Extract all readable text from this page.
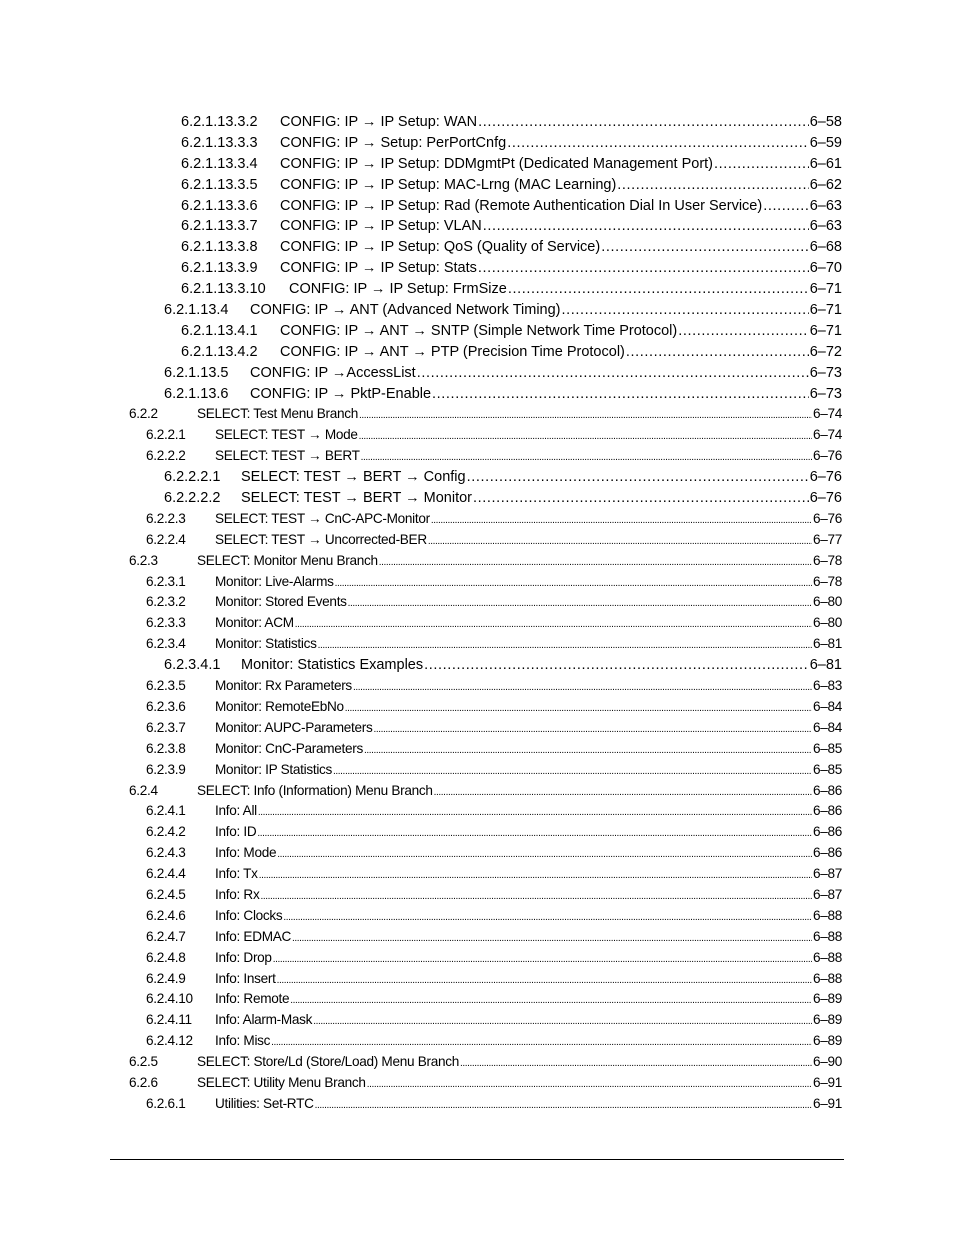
6.2.1.13.3.2 CONFIG: IP → IP Setup: WAN .....	6–58
6.2.1.13.3.3 CONFIG: IP → Setup: PerPortCnfg .....	6–59
6.2.1.13.3.4 CONFIG: IP → IP Setup: DDMgmtPt (Dedicated Management Port) .....	6–61
6.2.1.13.3.5 CONFIG: IP → IP Setup: MAC-Lrng (MAC Learning) .....	6–62
6.2.1.13.3.6 CONFIG: IP → IP Setup: Rad (Remote Authentication Dial In User Service) .....	6–63
6.2.1.13.3.7 CONFIG: IP → IP Setup: VLAN .....	6–63
6.2.1.13.3.8 CONFIG: IP → IP Setup: QoS (Quality of Service) .....	6–68
6.2.1.13.3.9 CONFIG: IP → IP Setup: Stats .....	6–70
6.2.1.13.3.10 CONFIG: IP → IP Setup: FrmSize .....	6–71
6.2.1.13.4 CONFIG: IP → ANT (Advanced Network Timing) .....	6–71
6.2.1.13.4.1 CONFIG: IP → ANT → SNTP (Simple Network Time Protocol) .....	6–71
6.2.1.13.4.2 CONFIG: IP → ANT → PTP (Precision Time Protocol) .....	6–72
6.2.1.13.5 CONFIG: IP →AccessList .....	6–73
6.2.1.13.6 CONFIG: IP → PktP-Enable .....	6–73
6.2.2	SELECT: Test Menu Branch .....	6–74
6.2.2.1 SELECT: TEST → Mode .....	6–74
6.2.2.2 SELECT: TEST → BERT .....	6–76
6.2.2.2.1 SELECT: TEST → BERT → Config .....	6–76
6.2.2.2.2 SELECT: TEST → BERT → Monitor .....	6–76
6.2.2.3 SELECT: TEST → CnC-APC-Monitor .....	6–76
6.2.2.4 SELECT: TEST → Uncorrected-BER .....	6–77
6.2.3	SELECT: Monitor Menu Branch .....	6–78
6.2.3.1 Monitor: Live-Alarms .....	6–78
6.2.3.2 Monitor: Stored Events .....	6–80
6.2.3.3 Monitor: ACM .....	6–80
6.2.3.4 Monitor: Statistics .....	6–81
6.2.3.4.1 Monitor: Statistics Examples .....	6–81
6.2.3.5 Monitor: Rx Parameters .....	6–83
6.2.3.6 Monitor: RemoteEbNo .....	6–84
6.2.3.7 Monitor: AUPC-Parameters .....	6–84
6.2.3.8 Monitor: CnC-Parameters .....	6–85
6.2.3.9 Monitor: IP Statistics .....	6–85
6.2.4	SELECT: Info (Information) Menu Branch .....	6–86
6.2.4.1 Info: All .....	6–86
6.2.4.2 Info: ID .....	6–86
6.2.4.3 Info: Mode .....	6–86
6.2.4.4 Info: Tx .....	6–87
6.2.4.5 Info: Rx .....	6–87
6.2.4.6 Info: Clocks .....	6–88
6.2.4.7 Info: EDMAC .....	6–88
6.2.4.8 Info: Drop .....	6–88
6.2.4.9 Info: Insert .....	6–88
6.2.4.10 Info: Remote .....	6–89
6.2.4.11 Info: Alarm-Mask .....	6–89
6.2.4.12 Info: Misc .....	6–89
6.2.5	SELECT: Store/Ld (Store/Load) Menu Branch .....	6–90
6.2.6	SELECT: Utility Menu Branch .....	6–91
6.2.6.1 Utilities: Set-RTC .....	6–91
